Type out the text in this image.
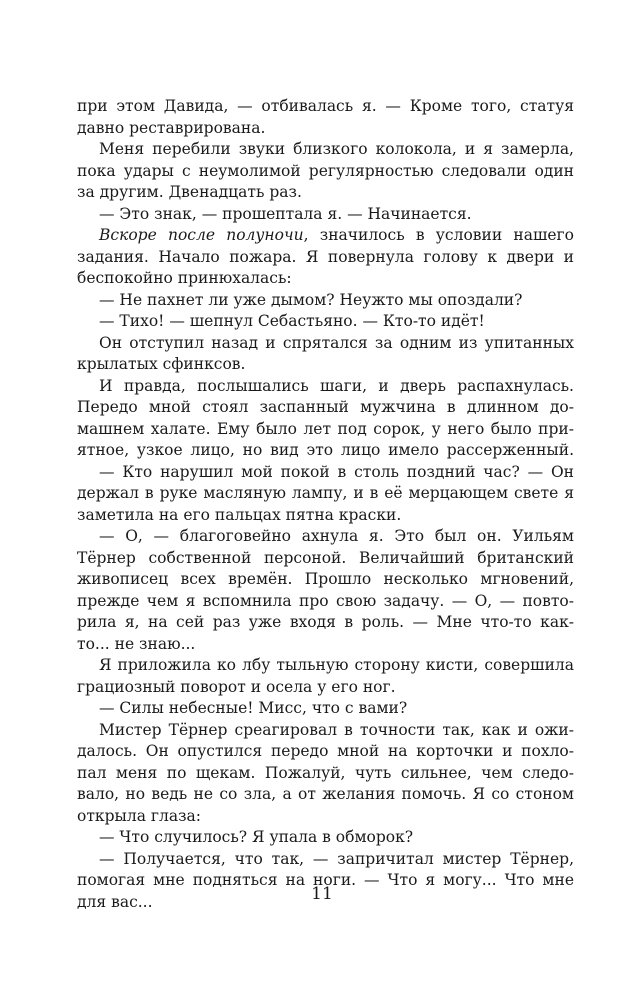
при этом Давида, — отбивалась я. — Кроме того, статуя
давно реставрирована.
Меня перебили звуки близкого колокола, и я замерла,
пока удары с неумолимой регулярностью следовали один
за другим. Двенадцать раз.
— Это знак, — прошептала я. — Начинается.
Вскоре после полуночи, значилось в условии нашего
задания. Начало пожара. Я повернула голову к двери и
беспокойно принюхалась:
— Не пахнет ли уже дымом? Неужто мы опоздали?
— Тихо! — шепнул Себастьяно. — Кто-то идёт!
Он отступил назад и спрятался за одним из упитанных
крылатых сфинксов.
И правда, послышались шаги, и дверь распахнулась.
Передо мной стоял заспанный мужчина в длинном до-
машнем халате. Ему было лет под сорок, у него было при-
ятное, узкое лицо, но вид это лицо имело рассерженный.
— Кто нарушил мой покой в столь поздний час? — Он
держал в руке масляную лампу, и в её мерцающем свете я
заметила на его пальцах пятна краски.
— О, — благоговейно ахнула я. Это был он. Уильям
Тёрнер собственной персоной. Величайший британский
живописец всех времён. Прошло несколько мгновений,
прежде чем я вспомнила про свою задачу. — О, — повто-
рила я, на сей раз уже входя в роль. — Мне что-то как-
то... не знаю...
Я приложила ко лбу тыльную сторону кисти, совершила
грациозный поворот и осела у его ног.
— Силы небесные! Мисс, что с вами?
Мистер Тёрнер среагировал в точности так, как и ожи-
далось. Он опустился передо мной на корточки и похло-
пал меня по щекам. Пожалуй, чуть сильнее, чем следо-
вало, но ведь не со зла, а от желания помочь. Я со стоном
открыла глаза:
— Что случилось? Я упала в обморок?
— Получается, что так, — запричитал мистер Тёрнер,
помогая мне подняться на ноги. — Что я могу... Что мне
для вас...	11
